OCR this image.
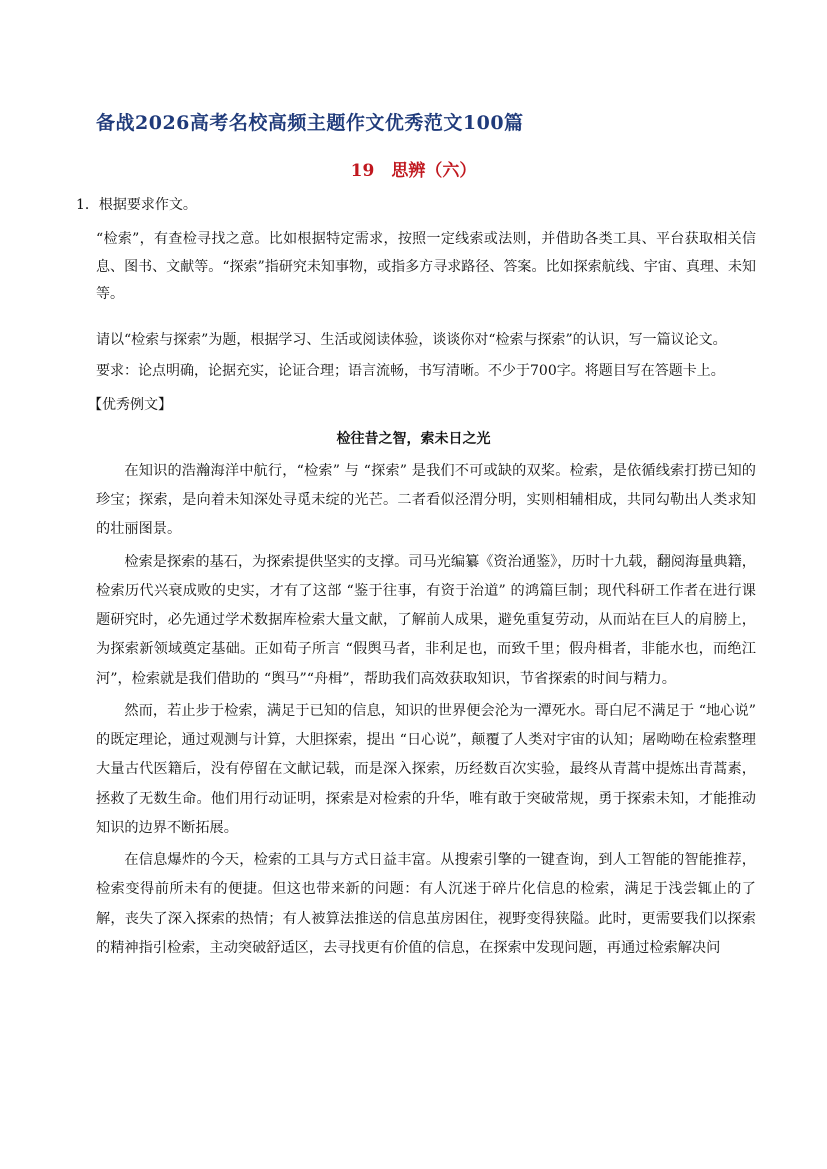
备战2026高考名校高频主题作文优秀范文100篇
19　思辨（六）
1．根据要求作文。

“检索”，有查检寻找之意。比如根据特定需求，按照一定线索或法则，并借助各类工具、平台获取相关信息、图书、文献等。“探索”指研究未知事物，或指多方寻求路径、答案。比如探索航线、宇宙、真理、未知等。

请以“检索与探索”为题，根据学习、生活或阅读体验，谈谈你对“检索与探索”的认识，写一篇议论文。
要求：论点明确，论据充实，论证合理；语言流畅，书写清晰。不少于700字。将题目写在答题卡上。
【优秀例文】
检往昔之智，索未日之光

在知识的浩瀚海洋中航行，“检索” 与 “探索” 是我们不可或缺的双桨。检索，是依循线索打捞已知的珍宝；探索，是向着未知深处寻觅未绽的光芒。二者看似泾渭分明，实则相辅相成，共同勾勒出人类求知的壮丽图景。

检索是探索的基石，为探索提供坚实的支撑。司马光编纂《资治通鉴》，历时十九载，翻阅海量典籍，检索历代兴衰成败的史实，才有了这部 “鉴于往事，有资于治道” 的鸿篇巨制；现代科研工作者在进行课题研究时，必先通过学术数据库检索大量文献，了解前人成果，避免重复劳动，从而站在巨人的肩膀上，为探索新领域奠定基础。正如荀子所言 “假舆马者，非利足也，而致千里；假舟楫者，非能水也，而绝江河”，检索就是我们借助的 “舆马”“舟楫”，帮助我们高效获取知识，节省探索的时间与精力。

然而，若止步于检索，满足于已知的信息，知识的世界便会沦为一潭死水。哥白尼不满足于 “地心说” 的既定理论，通过观测与计算，大胆探索，提出 “日心说”，颠覆了人类对宇宙的认知；屠呦呦在检索整理大量古代医籍后，没有停留在文献记载，而是深入探索，历经数百次实验，最终从青蒿中提炼出青蒿素，拯救了无数生命。他们用行动证明，探索是对检索的升华，唯有敢于突破常规，勇于探索未知，才能推动知识的边界不断拓展。

在信息爆炸的今天，检索的工具与方式日益丰富。从搜索引擎的一键查询，到人工智能的智能推荐，检索变得前所未有的便捷。但这也带来新的问题：有人沉迷于碎片化信息的检索，满足于浅尝辄止的了解，丧失了深入探索的热情；有人被算法推送的信息茧房困住，视野变得狭隘。此时，更需要我们以探索的精神指引检索，主动突破舒适区，去寻找更有价值的信息，在探索中发现问题，再通过检索解决问
